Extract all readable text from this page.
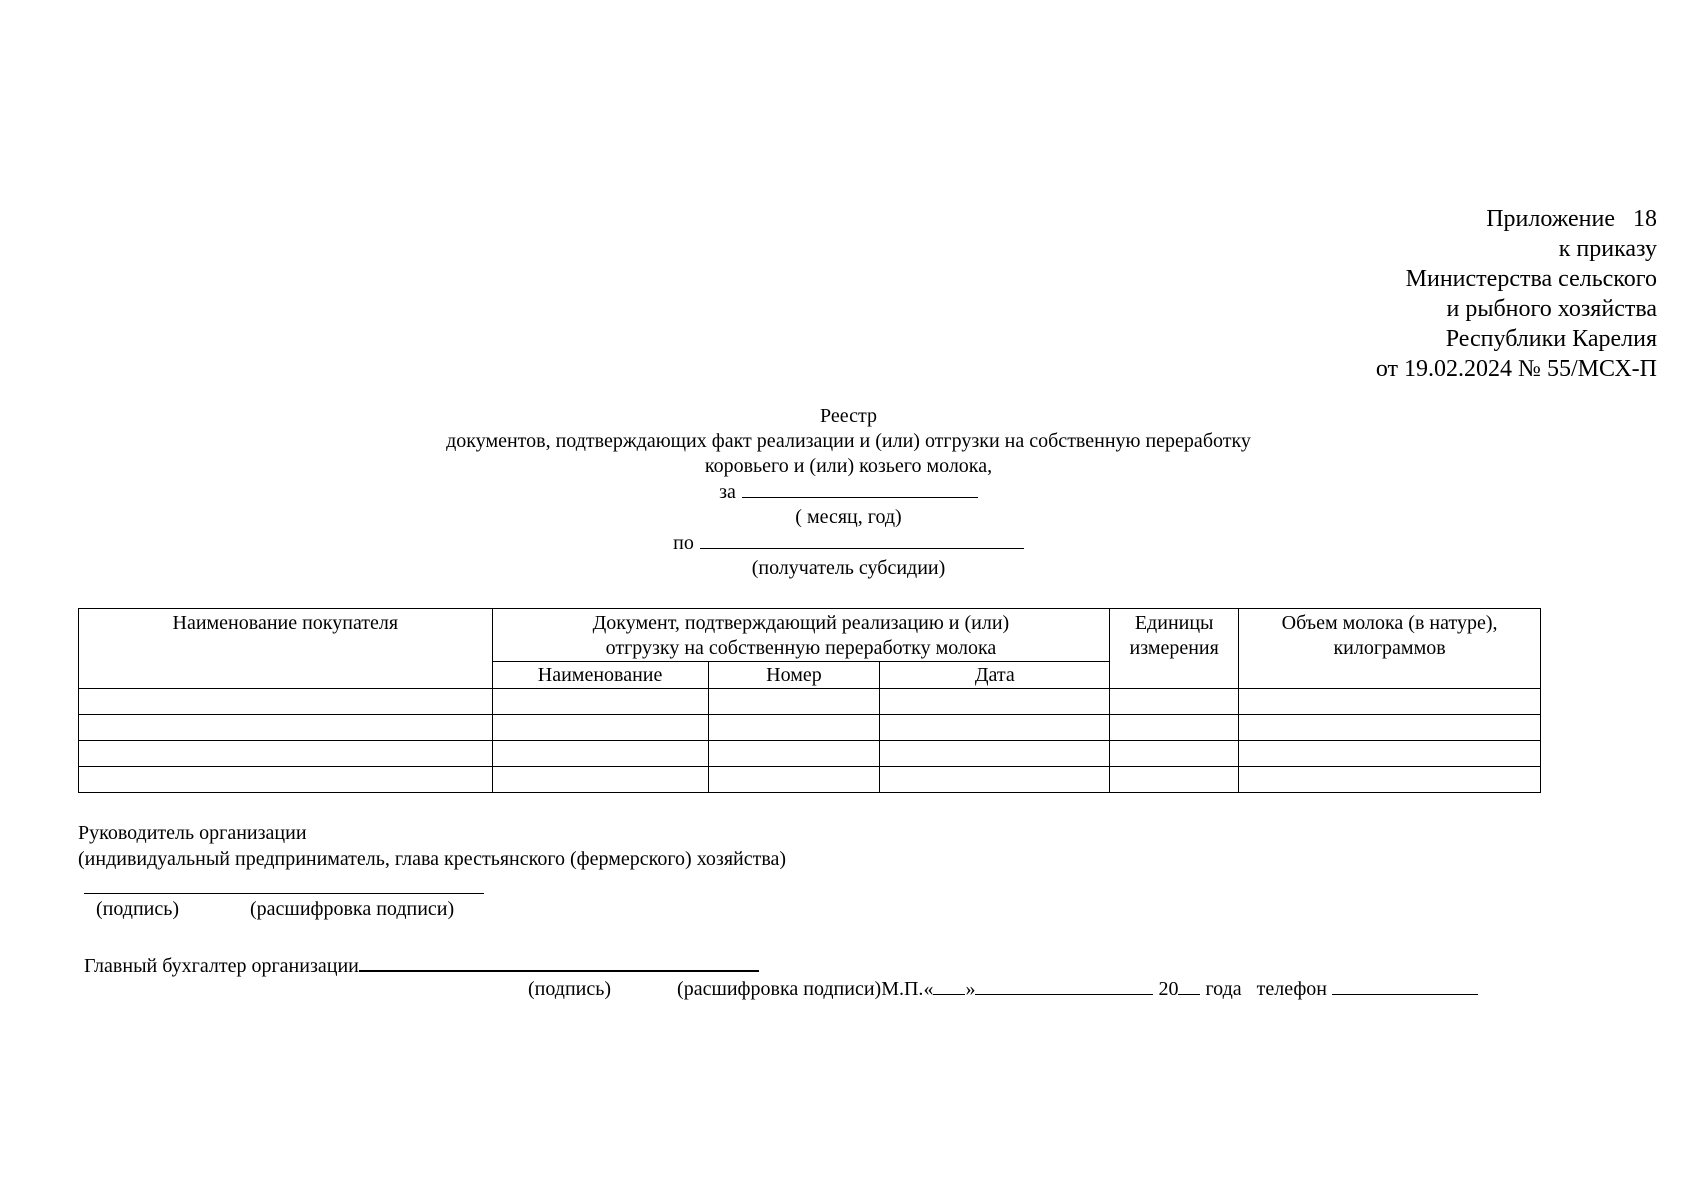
Приложение   18
к приказу
Министерства сельского
и рыбного хозяйства
Республики Карелия
от 19.02.2024 № 55/МСХ-П
Реестр
документов, подтверждающих факт реализации и (или) отгрузки на собственную переработку
коровьего и (или) козьего молока,
за
( месяц, год)
по
(получатель субсидии)
Наименование покупателя	Документ, подтверждающий реализацию и (или) отгрузку на собственную переработку молока			Единицы измерения	Объем молока (в натуре), килограммов
	Наименование	Номер	Дата		

Руководитель организации
(индивидуальный предприниматель, глава крестьянского (фермерского) хозяйства)
(подпись)	(расшифровка подписи)
Главный бухгалтер организации
(подпись)	(расшифровка подписи)М.П.« »	20 года телефон
